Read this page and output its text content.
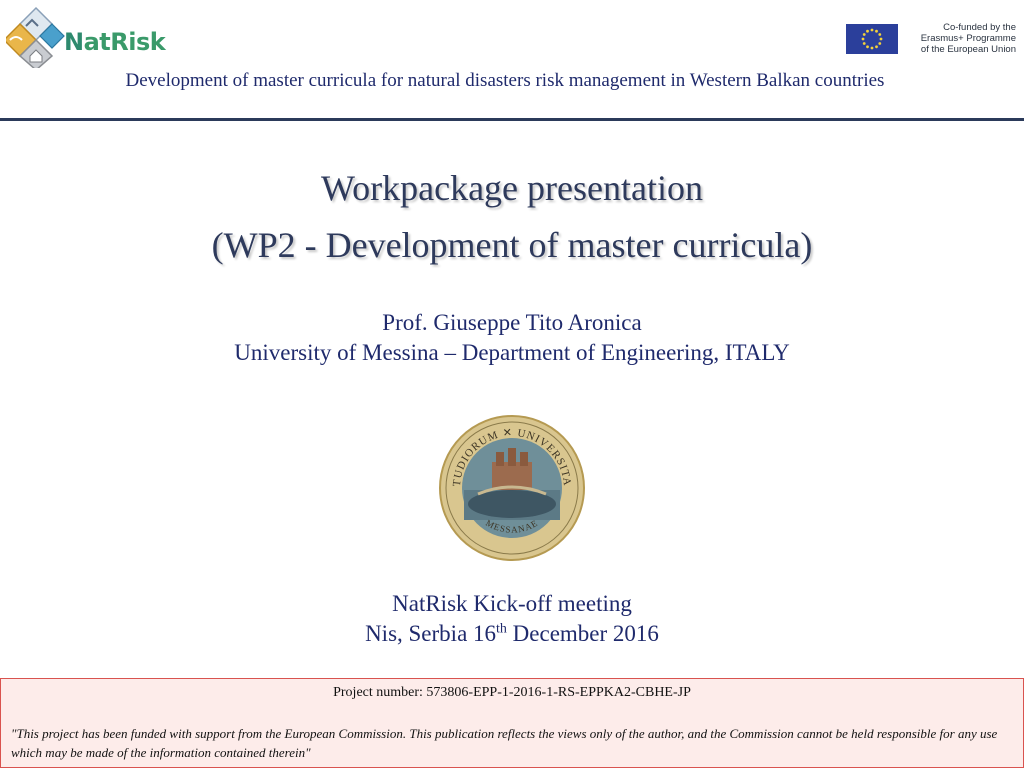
NatRisk
Co-funded by the
Erasmus+ Programme
of the European Union
Development of master curricula for natural disasters risk management in Western Balkan countries
Workpackage presentation
(WP2 - Development of master curricula)
Prof. Giuseppe Tito Aronica
University of Messina – Department of Engineering, ITALY
TUDIORUM ✕ UNIVERSITA
MESSANAE
NatRisk Kick-off meeting
Nis, Serbia 16th December 2016
Project number: 573806-EPP-1-2016-1-RS-EPPKA2-CBHE-JP
"This project has been funded with support from the European Commission. This publication reflects the views only of the author, and the Commission cannot be held responsible for any use which may be made of the information contained therein"
